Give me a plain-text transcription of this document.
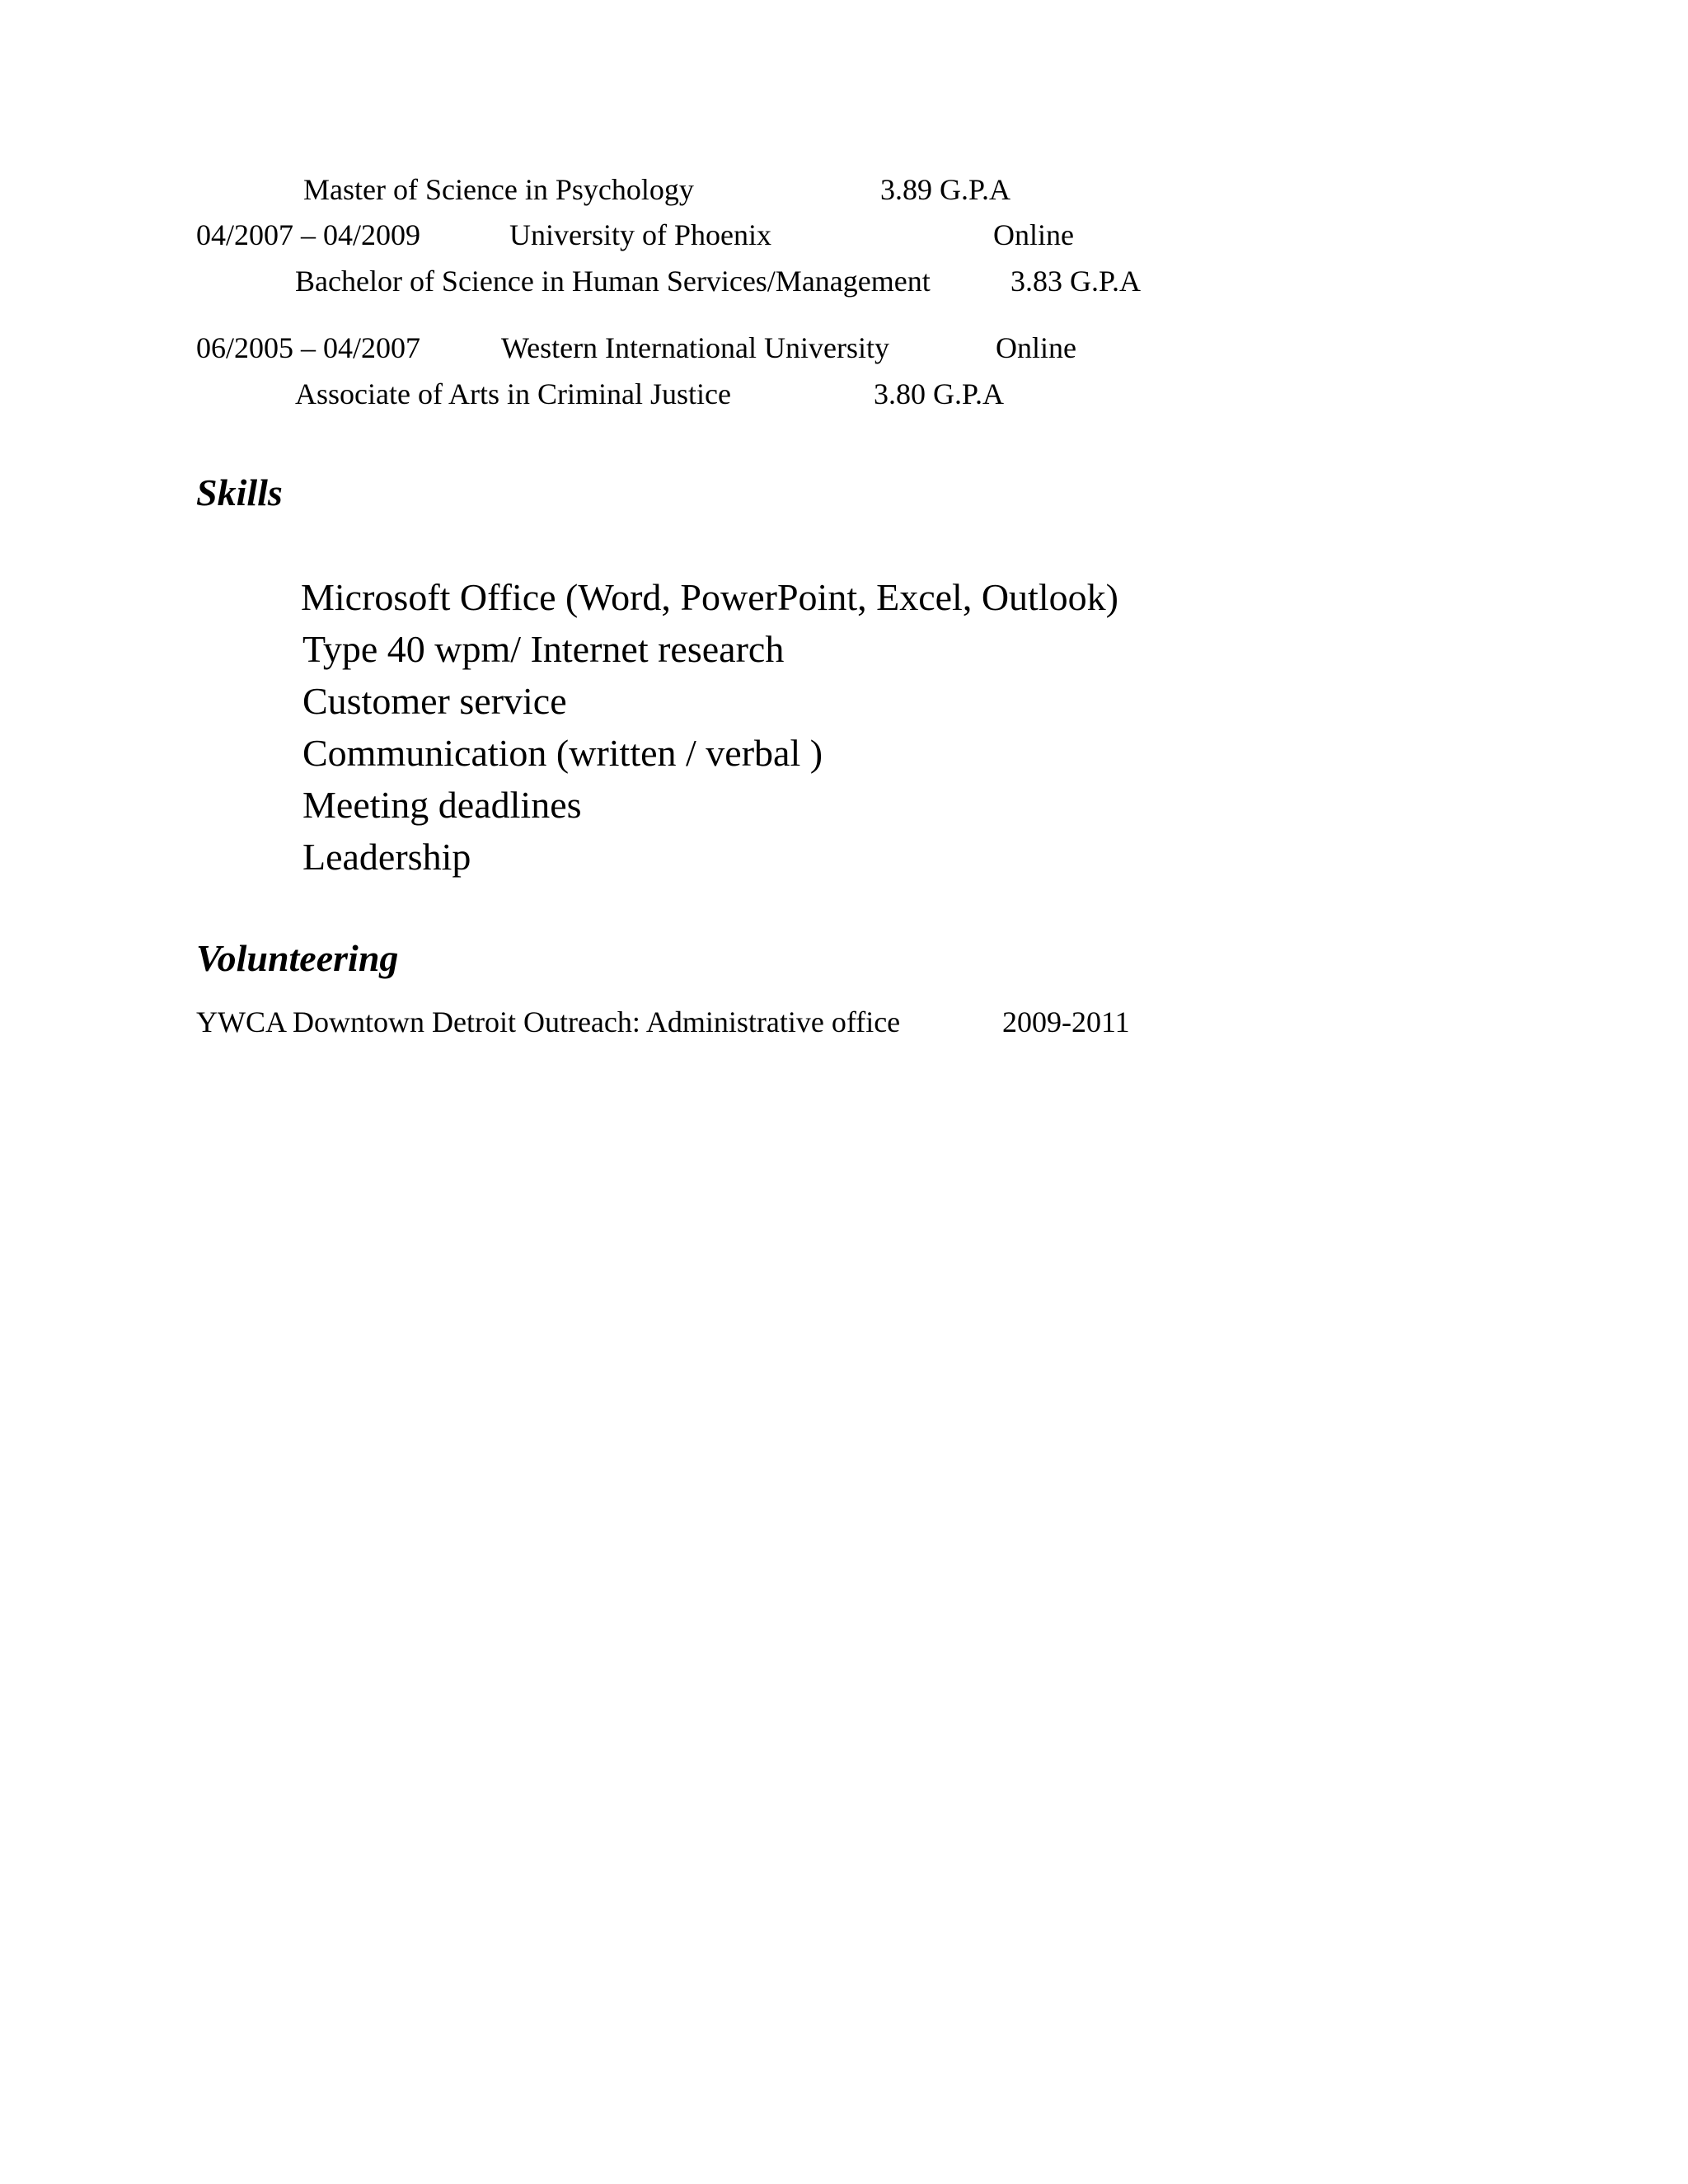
Master of Science in Psychology	3.89 G.P.A
04/2007 – 04/2009	University of Phoenix	Online
Bachelor of Science in Human Services/Management	3.83 G.P.A
06/2005 – 04/2007	Western International University	Online
Associate of Arts in Criminal Justice	3.80 G.P.A
Skills
Microsoft Office (Word, PowerPoint, Excel, Outlook)
Type 40 wpm/ Internet research
Customer service
Communication (written / verbal )
Meeting deadlines
Leadership
Volunteering
YWCA Downtown Detroit Outreach: Administrative office	2009-2011
